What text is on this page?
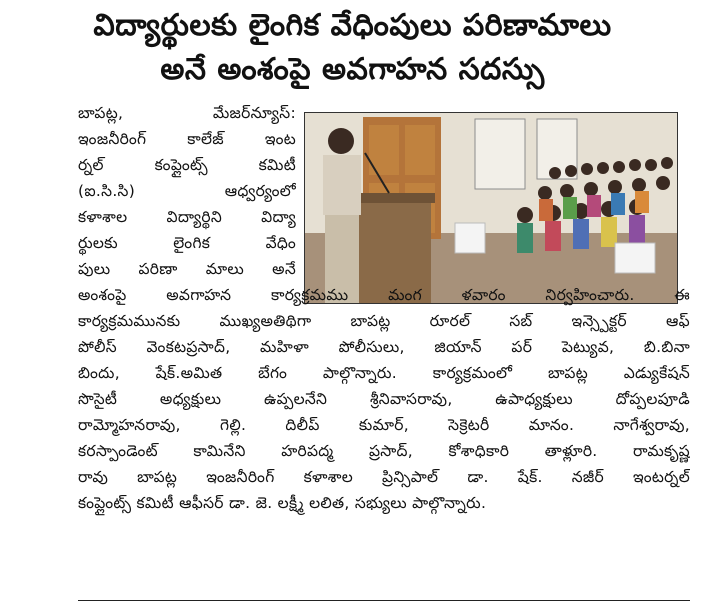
విద్యార్థులకు లైంగిక వేధింపులు పరిణామాలు
అనే అంశంపై అవగాహన సదస్సు
బాపట్ల, మేజర్‌న్యూస్:
ఇంజనీరింగ్ కాలేజ్ ఇంట
ర్నల్ కంప్లైంట్స్ కమిటీ
(ఐ.సి.సి) ఆధ్వర్యంలో
కళాశాల విద్యార్థిని విద్యా
ర్థులకు లైంగిక వేధిం
పులు పరిణా మాలు అనే
అంశంపై అవగాహన కార్యక్రమము మంగ ళవారం నిర్వహించారు. ఈ
కార్యక్రమమునకు ముఖ్యఅతిథిగా బాపట్ల రూరల్ సబ్ ఇన్స్పెక్టర్ ఆఫ్
పోలీస్ వెంకటప్రసాద్, మహిళా పోలీసులు, జియాన్ పర్ పెట్యువ, బి.బినా
బిందు, షేక్.అమిత బేగం పాల్గొన్నారు. కార్యక్రమంలో బాపట్ల ఎడ్యుకేషన్
సొసైటీ అధ్యక్షులు ఉప్పలనేని శ్రీనివాసరావు, ఉపాధ్యక్షులు దోప్పలపూడి
రామ్మోహనరావు, గెల్లి. దిలీప్ కుమార్, సెక్రెటరీ మానం. నాగేశ్వరావు,
కరస్పాండెంట్ కామినేని హరిపద్మ ప్రసాద్, కోశాధికారి తాళ్లూరి. రామకృష్ణ
రావు బాపట్ల ఇంజనీరింగ్ కళాశాల ప్రిన్సిపాల్ డా. షేక్. నజీర్ ఇంటర్నల్
కంప్లైంట్స్ కమిటీ ఆఫీసర్ డా. జె. లక్ష్మీ లలిత, సభ్యులు పాల్గొన్నారు.
